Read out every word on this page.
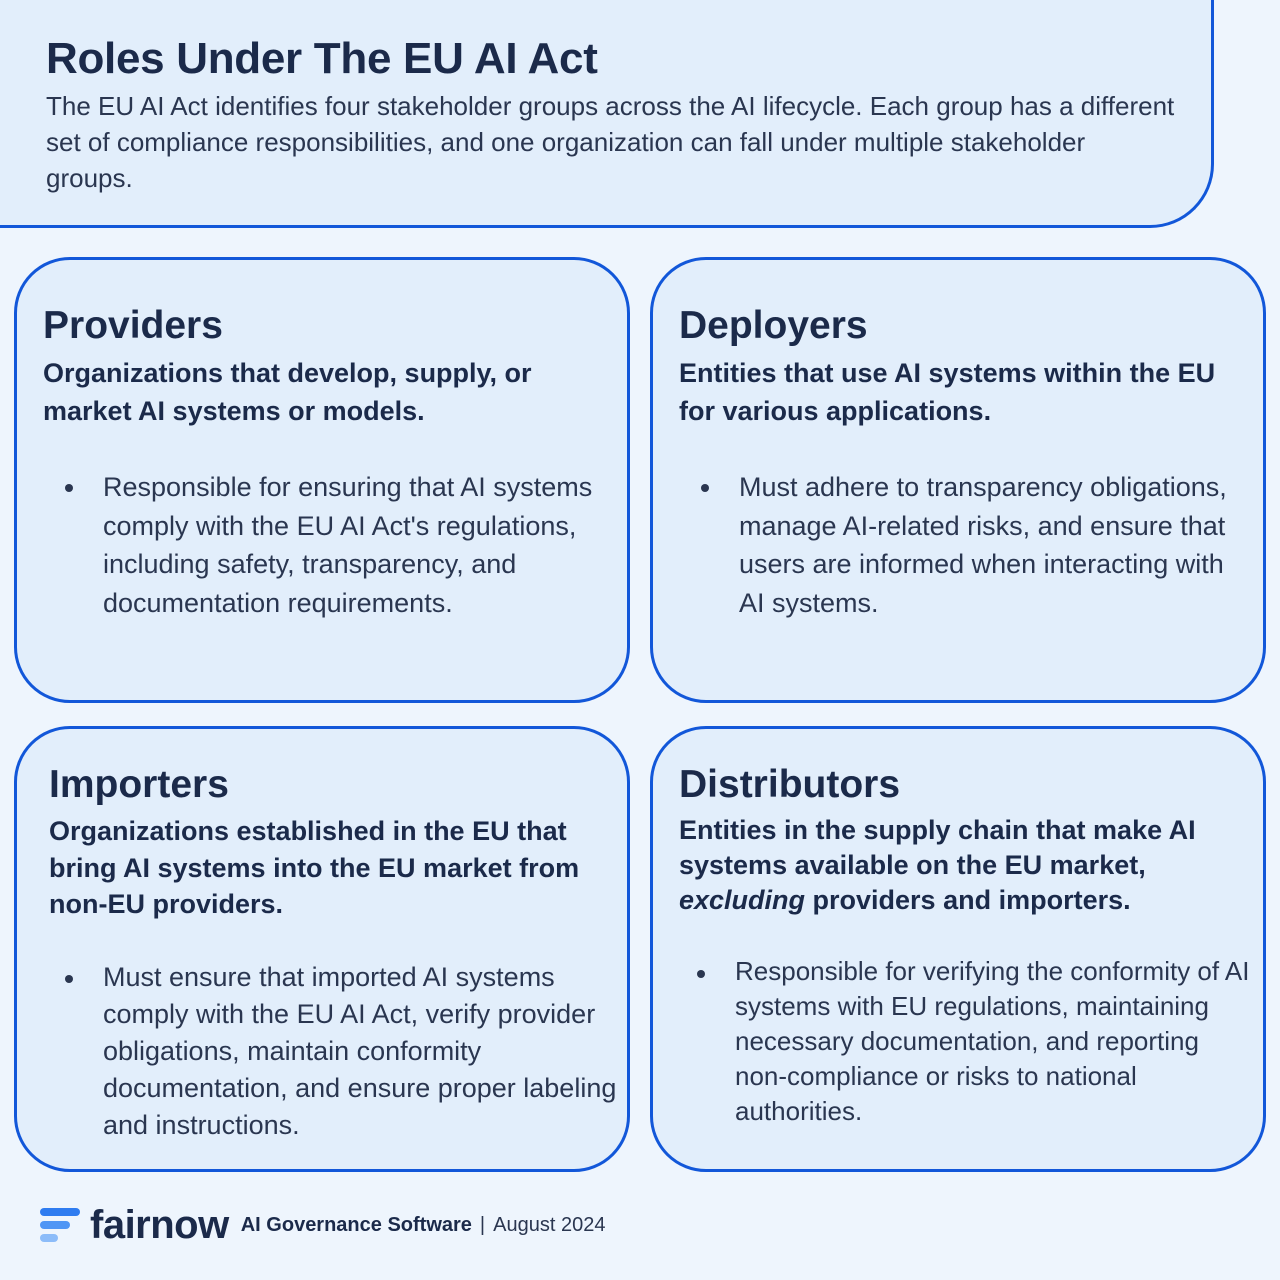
Roles Under The EU AI Act

The EU AI Act identifies four stakeholder groups across the AI lifecycle. Each group has a different set of compliance responsibilities, and one organization can fall under multiple stakeholder groups.

Providers
Organizations that develop, supply, or market AI systems or models.
Responsible for ensuring that AI systems comply with the EU AI Act's regulations, including safety, transparency, and documentation requirements.
Deployers
Entities that use AI systems within the EU for various applications.
Must adhere to transparency obligations, manage AI-related risks, and ensure that users are informed when interacting with AI systems.
Importers
Organizations established in the EU that bring AI systems into the EU market from non-EU providers.
Must ensure that imported AI systems comply with the EU AI Act, verify provider obligations, maintain conformity documentation, and ensure proper labeling and instructions.
Distributors
Entities in the supply chain that make AI systems available on the EU market, excluding providers and importers.
Responsible for verifying the conformity of AI systems with EU regulations, maintaining necessary documentation, and reporting non-compliance or risks to national authorities.
fairnow AI Governance Software | August 2024
